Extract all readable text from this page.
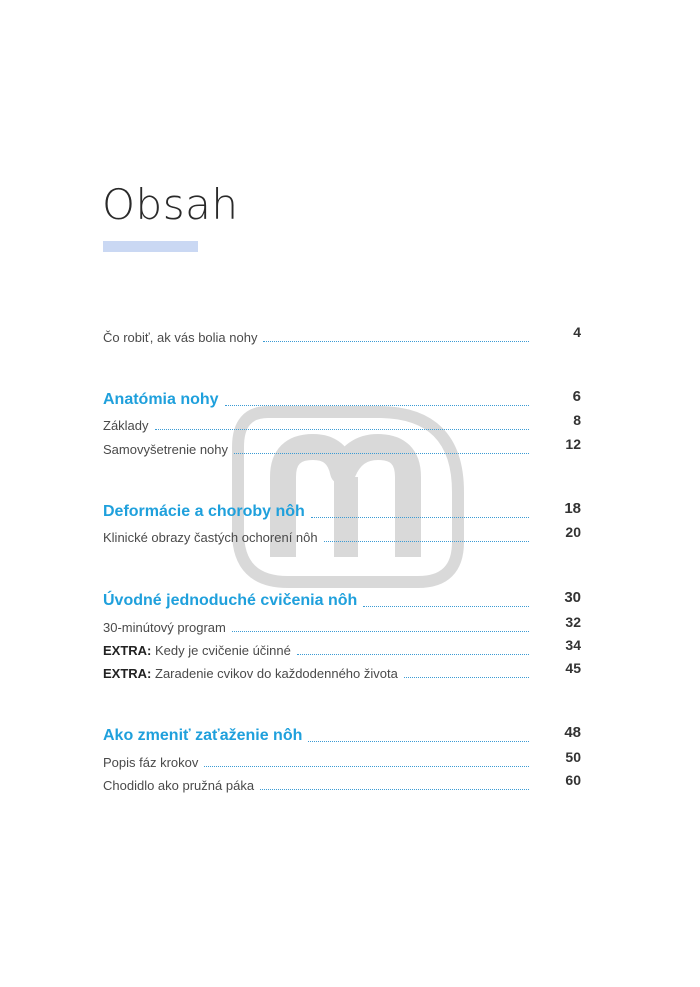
Obsah
Čo robiť, ak vás bolia nohy	4
Anatómia nohy	6
Základy	8
Samovyšetrenie nohy	12
Deformácie a choroby nôh	18
Klinické obrazy častých ochorení nôh	20
Úvodné jednoduché cvičenia nôh	30
30-minútový program	32
EXTRA: Kedy je cvičenie účinné	34
EXTRA: Zaradenie cvikov do každodenného života	45
Ako zmeniť zaťaženie nôh	48
Popis fáz krokov	50
Chodidlo ako pružná páka	60
